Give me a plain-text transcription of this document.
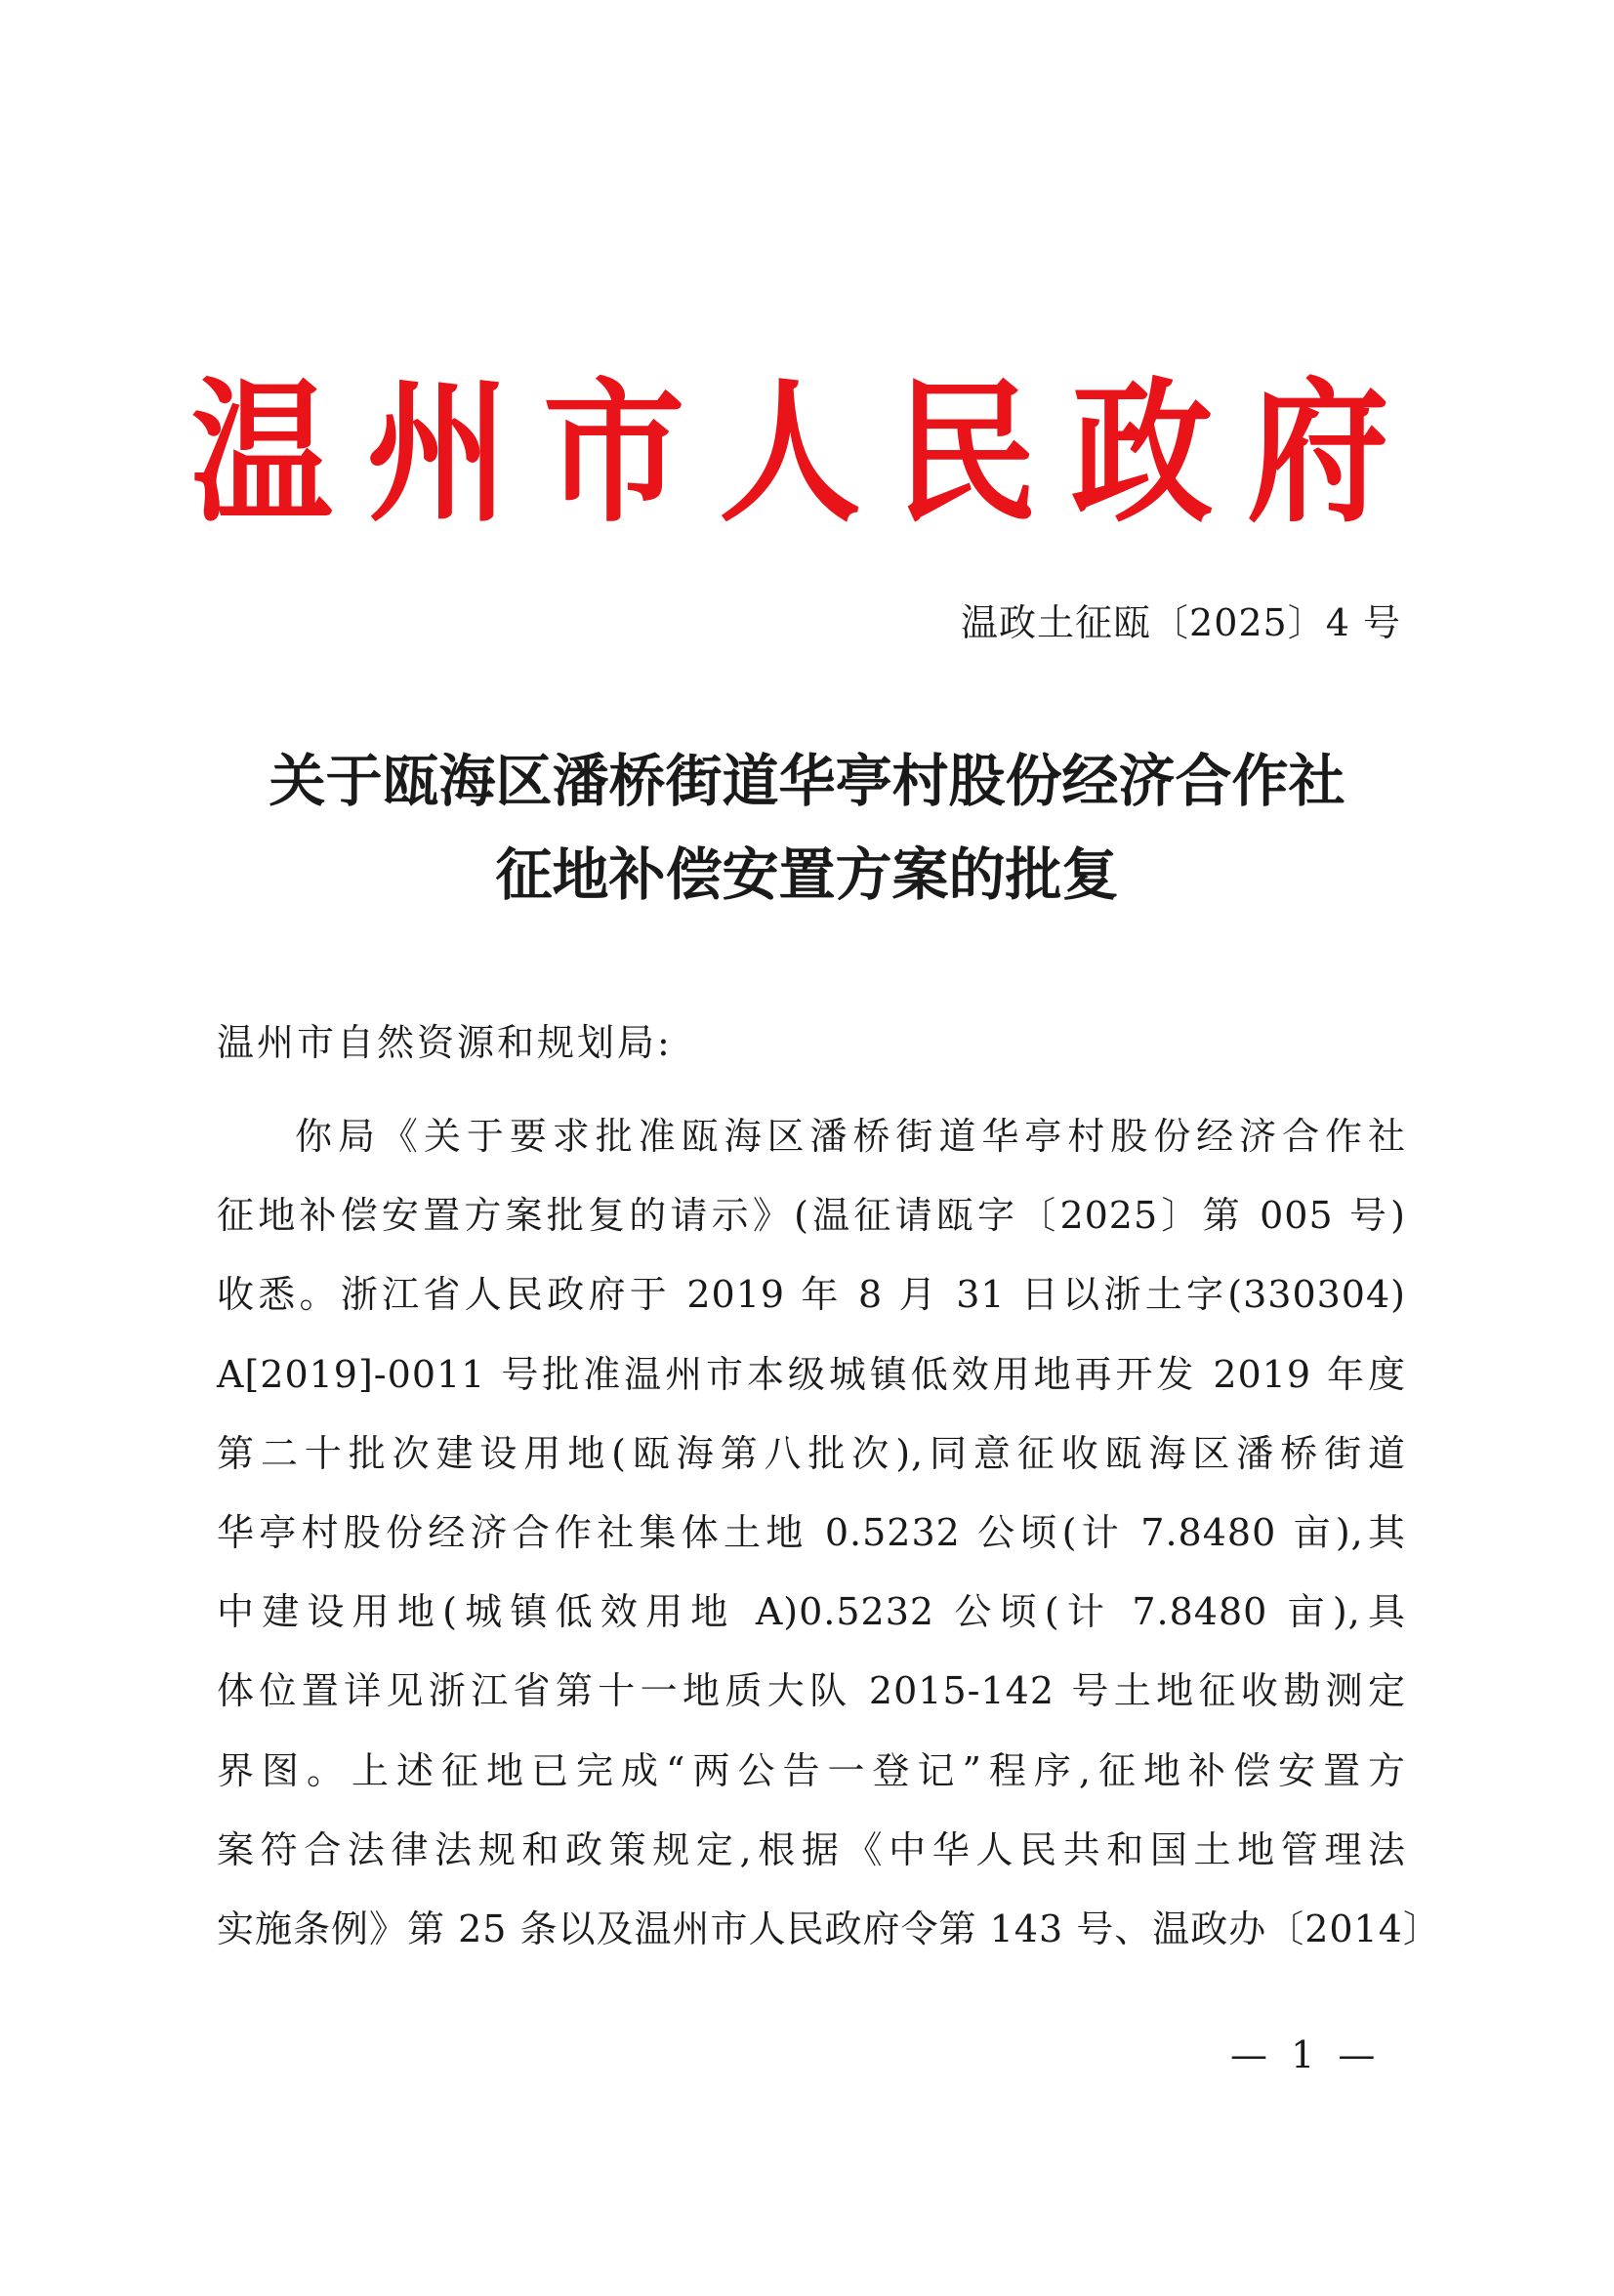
温州市人民政府
温政土征瓯〔2025〕4 号
关于瓯海区潘桥街道华亭村股份经济合作社
征地补偿安置方案的批复
温州市自然资源和规划局:
你局《关于要求批准瓯海区潘桥街道华亭村股份经济合作社
征地补偿安置方案批复的请示》(温征请瓯字〔2025〕第 005 号)
收悉。浙江省人民政府于 2019 年 8 月 31 日以浙土字(330304)
A[2019]-0011 号批准温州市本级城镇低效用地再开发 2019 年度
第二十批次建设用地(瓯海第八批次),同意征收瓯海区潘桥街道
华亭村股份经济合作社集体土地 0.5232 公顷(计 7.8480 亩),其
中建设用地(城镇低效用地 A)0.5232 公顷(计 7.8480 亩),具
体位置详见浙江省第十一地质大队 2015-142 号土地征收勘测定
界图。上述征地已完成“两公告一登记”程序,征地补偿安置方
案符合法律法规和政策规定,根据《中华人民共和国土地管理法
实施条例》第 25 条以及温州市人民政府令第 143 号、温政办〔2014〕
— 1 —
